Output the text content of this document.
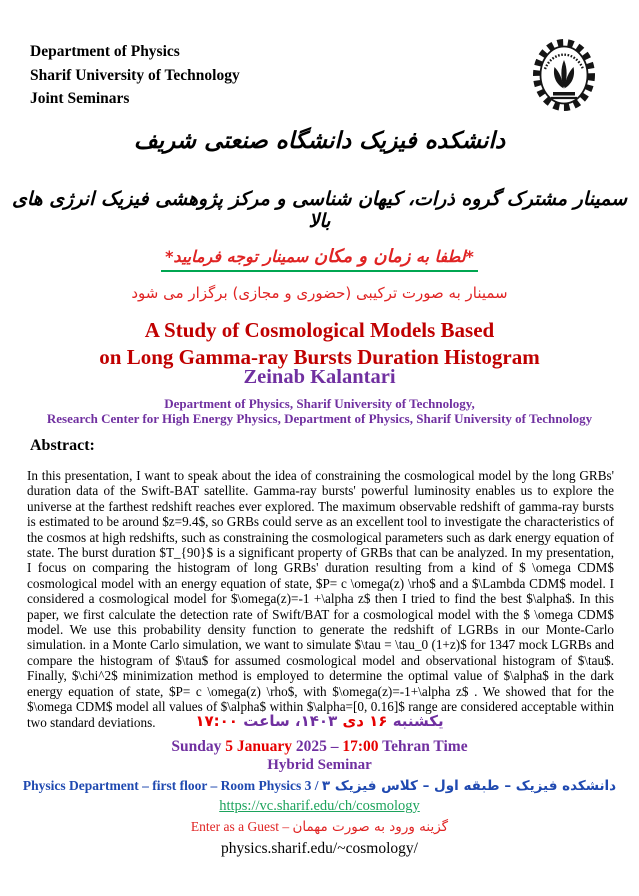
Department of Physics
Sharif University of Technology
Joint Seminars
دانشکده فیزیک دانشگاه صنعتی شریف
سمینار مشترک گروه ذرات، کیهان شناسی و مرکز پژوهشی فیزیک انرژی های بالا
*لطفا به زمان و مکان سمینار توجه فرمایید*
سمینار به صورت ترکیبی (حضوری و مجازی) برگزار می شود
A Study of Cosmological Models Based
on Long Gamma-ray Bursts Duration Histogram
Zeinab Kalantari
Department of Physics, Sharif University of Technology,
Research Center for High Energy Physics, Department of Physics, Sharif University of Technology
Abstract:
In this presentation, I want to speak about the idea of constraining the cosmological model by the long GRBs' duration data of the Swift-BAT satellite. Gamma-ray bursts' powerful luminosity enables us to explore the universe at the farthest redshift reaches ever explored. The maximum observable redshift of gamma-ray bursts is estimated to be around $z=9.4$, so GRBs could serve as an excellent tool to investigate the characteristics of the cosmos at high redshifts, such as constraining the cosmological parameters such as dark energy equation of state. The burst duration $T_{90}$ is a significant property of GRBs that can be analyzed. In my presentation, I focus on comparing the histogram of long GRBs' duration resulting from a kind of $ \omega CDM$ cosmological model with an energy equation of state, $P= c \omega(z) \rho$ and a $\Lambda CDM$ model. I considered a cosmological model for $\omega(z)=-1 +\alpha z$ then I tried to find the best $\alpha$. In this paper, we first calculate the detection rate of Swift/BAT for a cosmological model with the $ \omega CDM$ model. We use this probability density function to generate the redshift of LGRBs in our Monte-Carlo simulation. in a Monte Carlo simulation, we want to simulate $\tau = \tau_0 (1+z)$ for 1347 mock LGRBs and compare the histogram of $\tau$ for assumed cosmological model and observational histogram of $\tau$. Finally, $\chi^2$ minimization method is employed to determine the optimal value of $\alpha$ in the dark energy equation of state, $P= c \omega(z) \rho$, with $\omega(z)=-1+\alpha z$ . We showed that for the $\omega CDM$ model all values of $\alpha$ within $\alpha=[0, 0.16]$ range are considered acceptable within two standard deviations.	یکشنبه ۱۶ دی ۱۴۰۳، ساعت ۱۷:۰۰
Sunday 5 January 2025 – 17:00 Tehran Time
Hybrid Seminar
Physics Department – first floor – Room Physics 3 / دانشکده فیزیک – طبقه اول – کلاس فیزیک ۳
https://vc.sharif.edu/ch/cosmology
Enter as a Guest – گزینه ورود به صورت مهمان
physics.sharif.edu/~cosmology/
